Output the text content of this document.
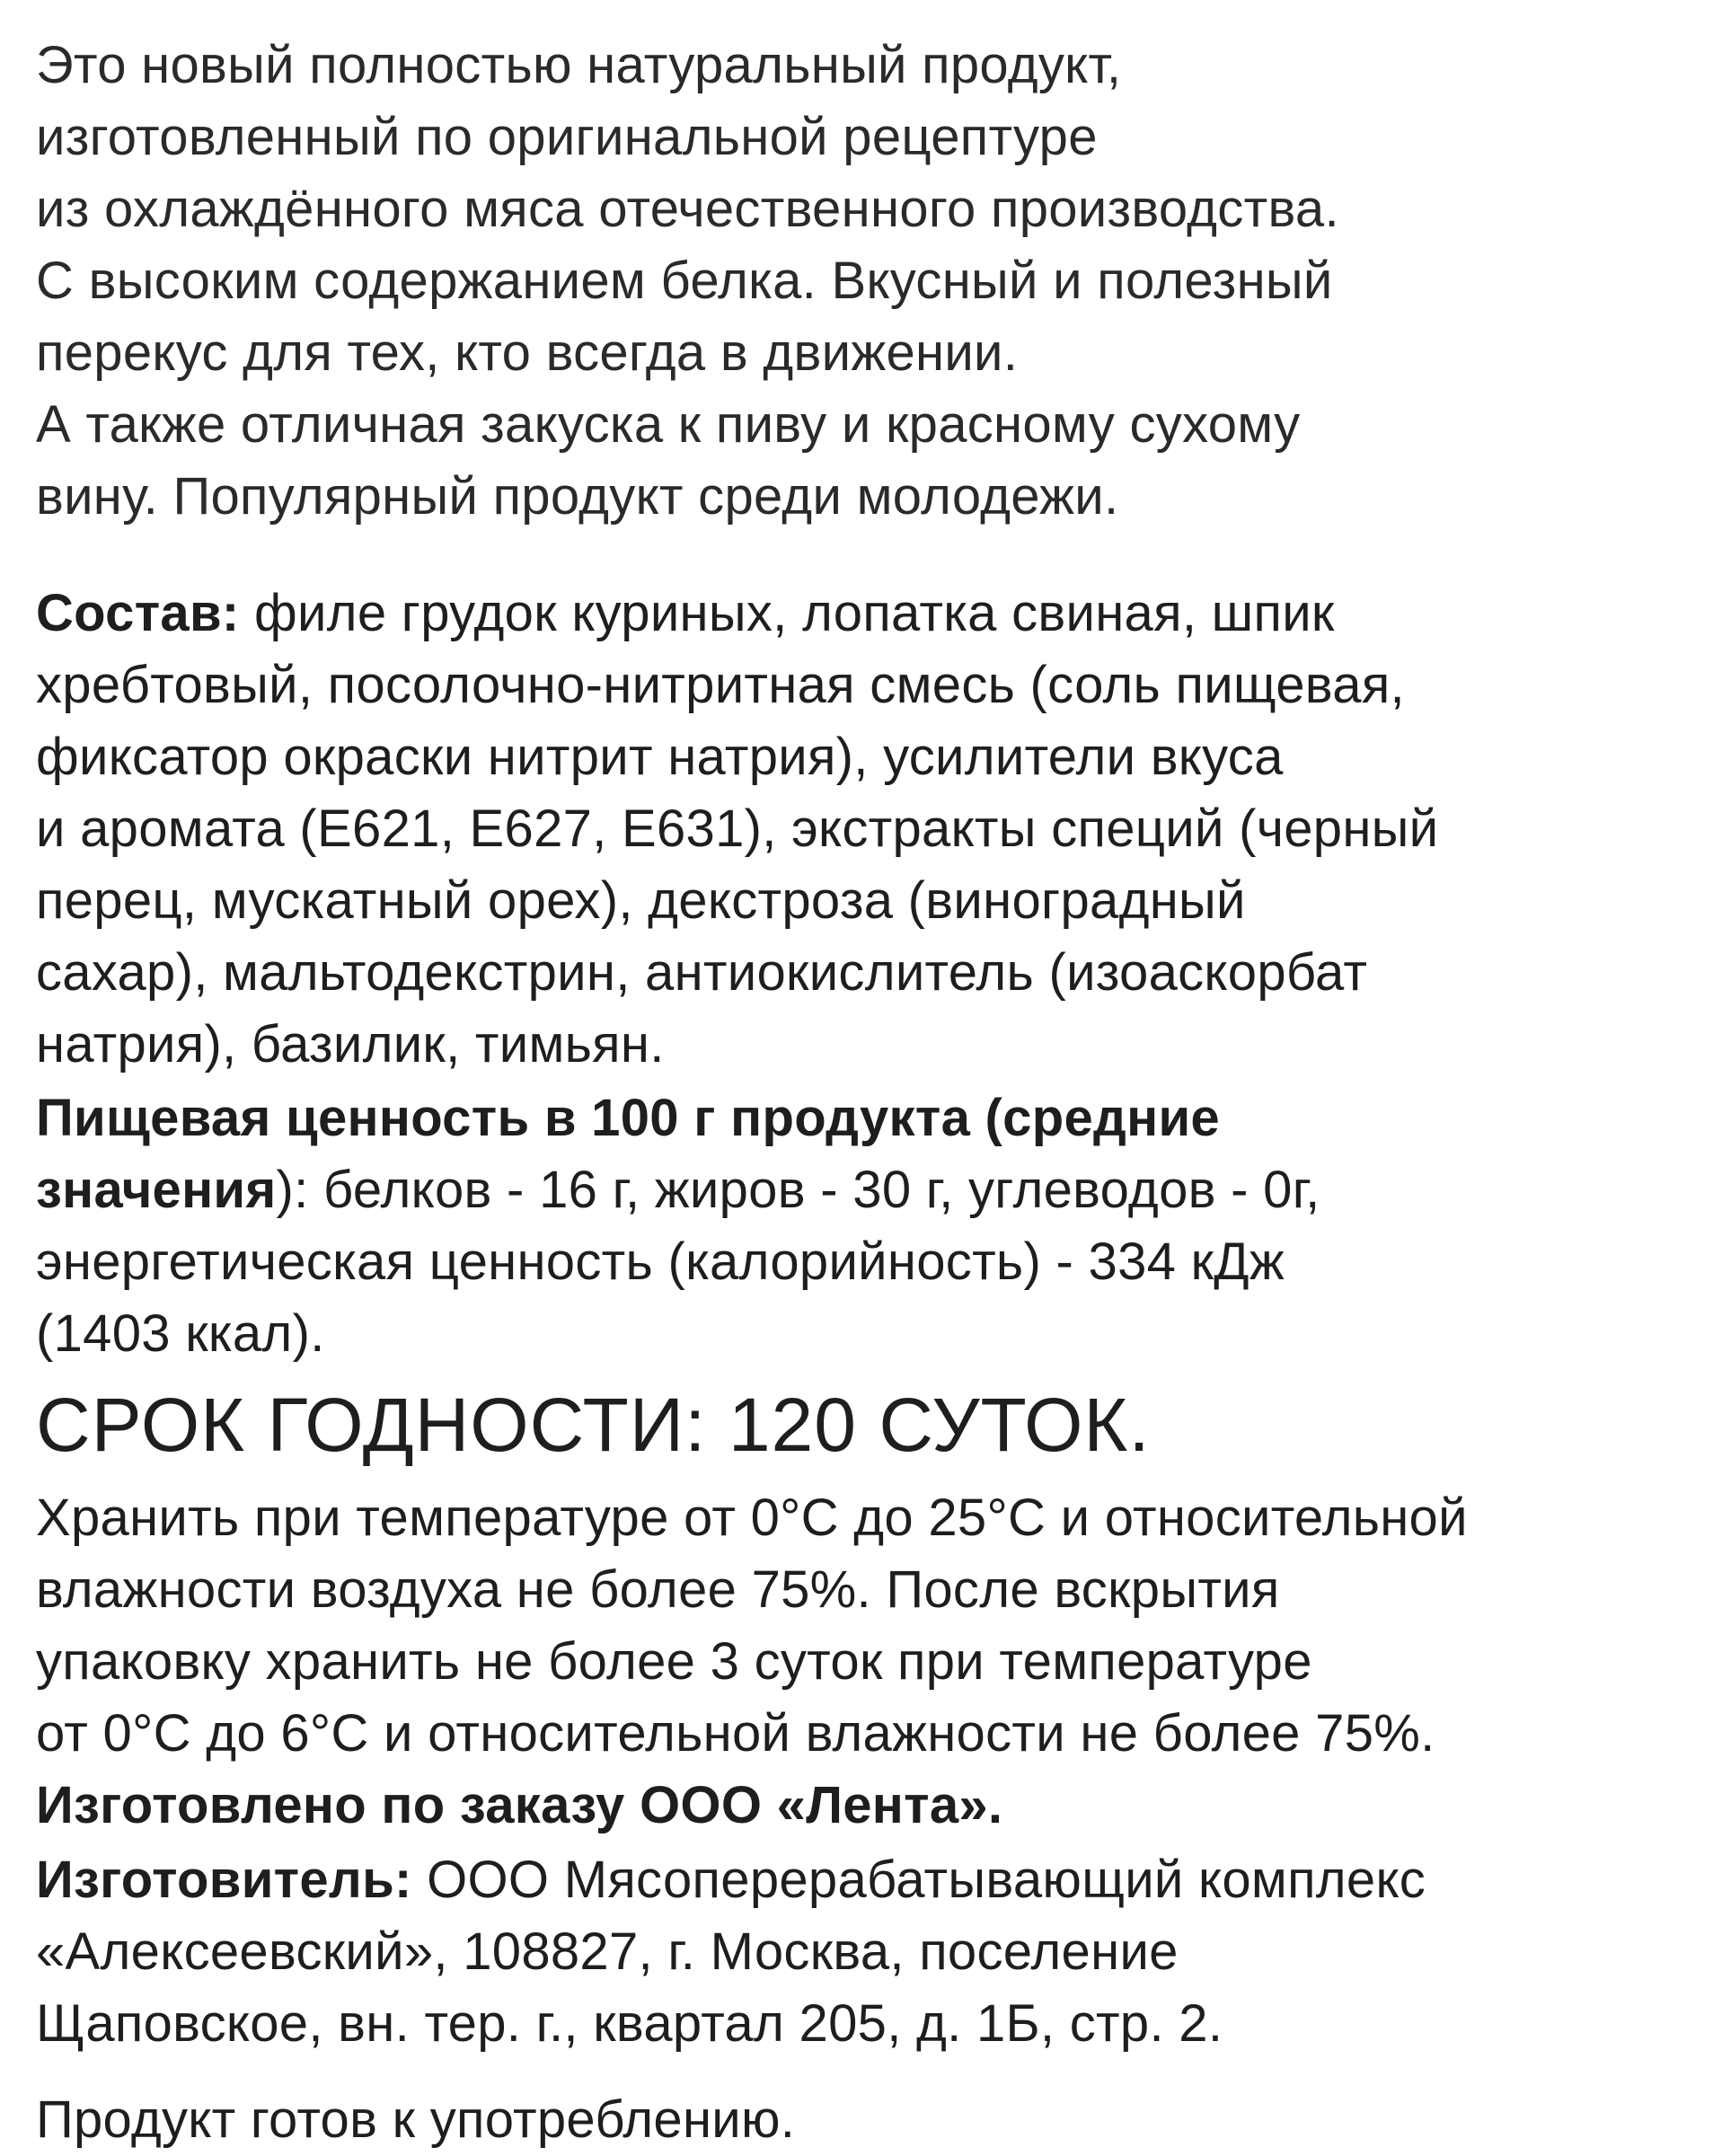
Это новый полностью натуральный продукт,
изготовленный по оригинальной рецептуре
из охлаждённого мяса отечественного производства.
С высоким содержанием белка. Вкусный и полезный
перекус для тех, кто всегда в движении.
А также отличная закуска к пиву и красному сухому
вину. Популярный продукт среди молодежи.
Состав: филе грудок куриных, лопатка свиная, шпик
хребтовый, посолочно-нитритная смесь (соль пищевая,
фиксатор окраски нитрит натрия), усилители вкуса
и аромата (Е621, Е627, Е631), экстракты специй (черный
перец, мускатный орех), декстроза (виноградный
сахар), мальтодекстрин, антиокислитель (изоаскорбат
натрия), базилик, тимьян.
Пищевая ценность в 100 г продукта (средние
значения): белков - 16 г, жиров - 30 г, углеводов - 0г,
энергетическая ценность (калорийность) - 334 кДж
(1403 ккал).
СРОК ГОДНОСТИ: 120 СУТОК.
Хранить при температуре от 0°С до 25°С и относительной
влажности воздуха не более 75%. После вскрытия
упаковку хранить не более 3 суток при температуре
от 0°С до 6°С и относительной влажности не более 75%.
Изготовлено по заказу ООО «Лента».
Изготовитель: ООО Мясоперерабатывающий комплекс
«Алексеевский», 108827, г. Москва, поселение
Щаповское, вн. тер. г., квартал 205, д. 1Б, стр. 2.
Продукт готов к употреблению.
